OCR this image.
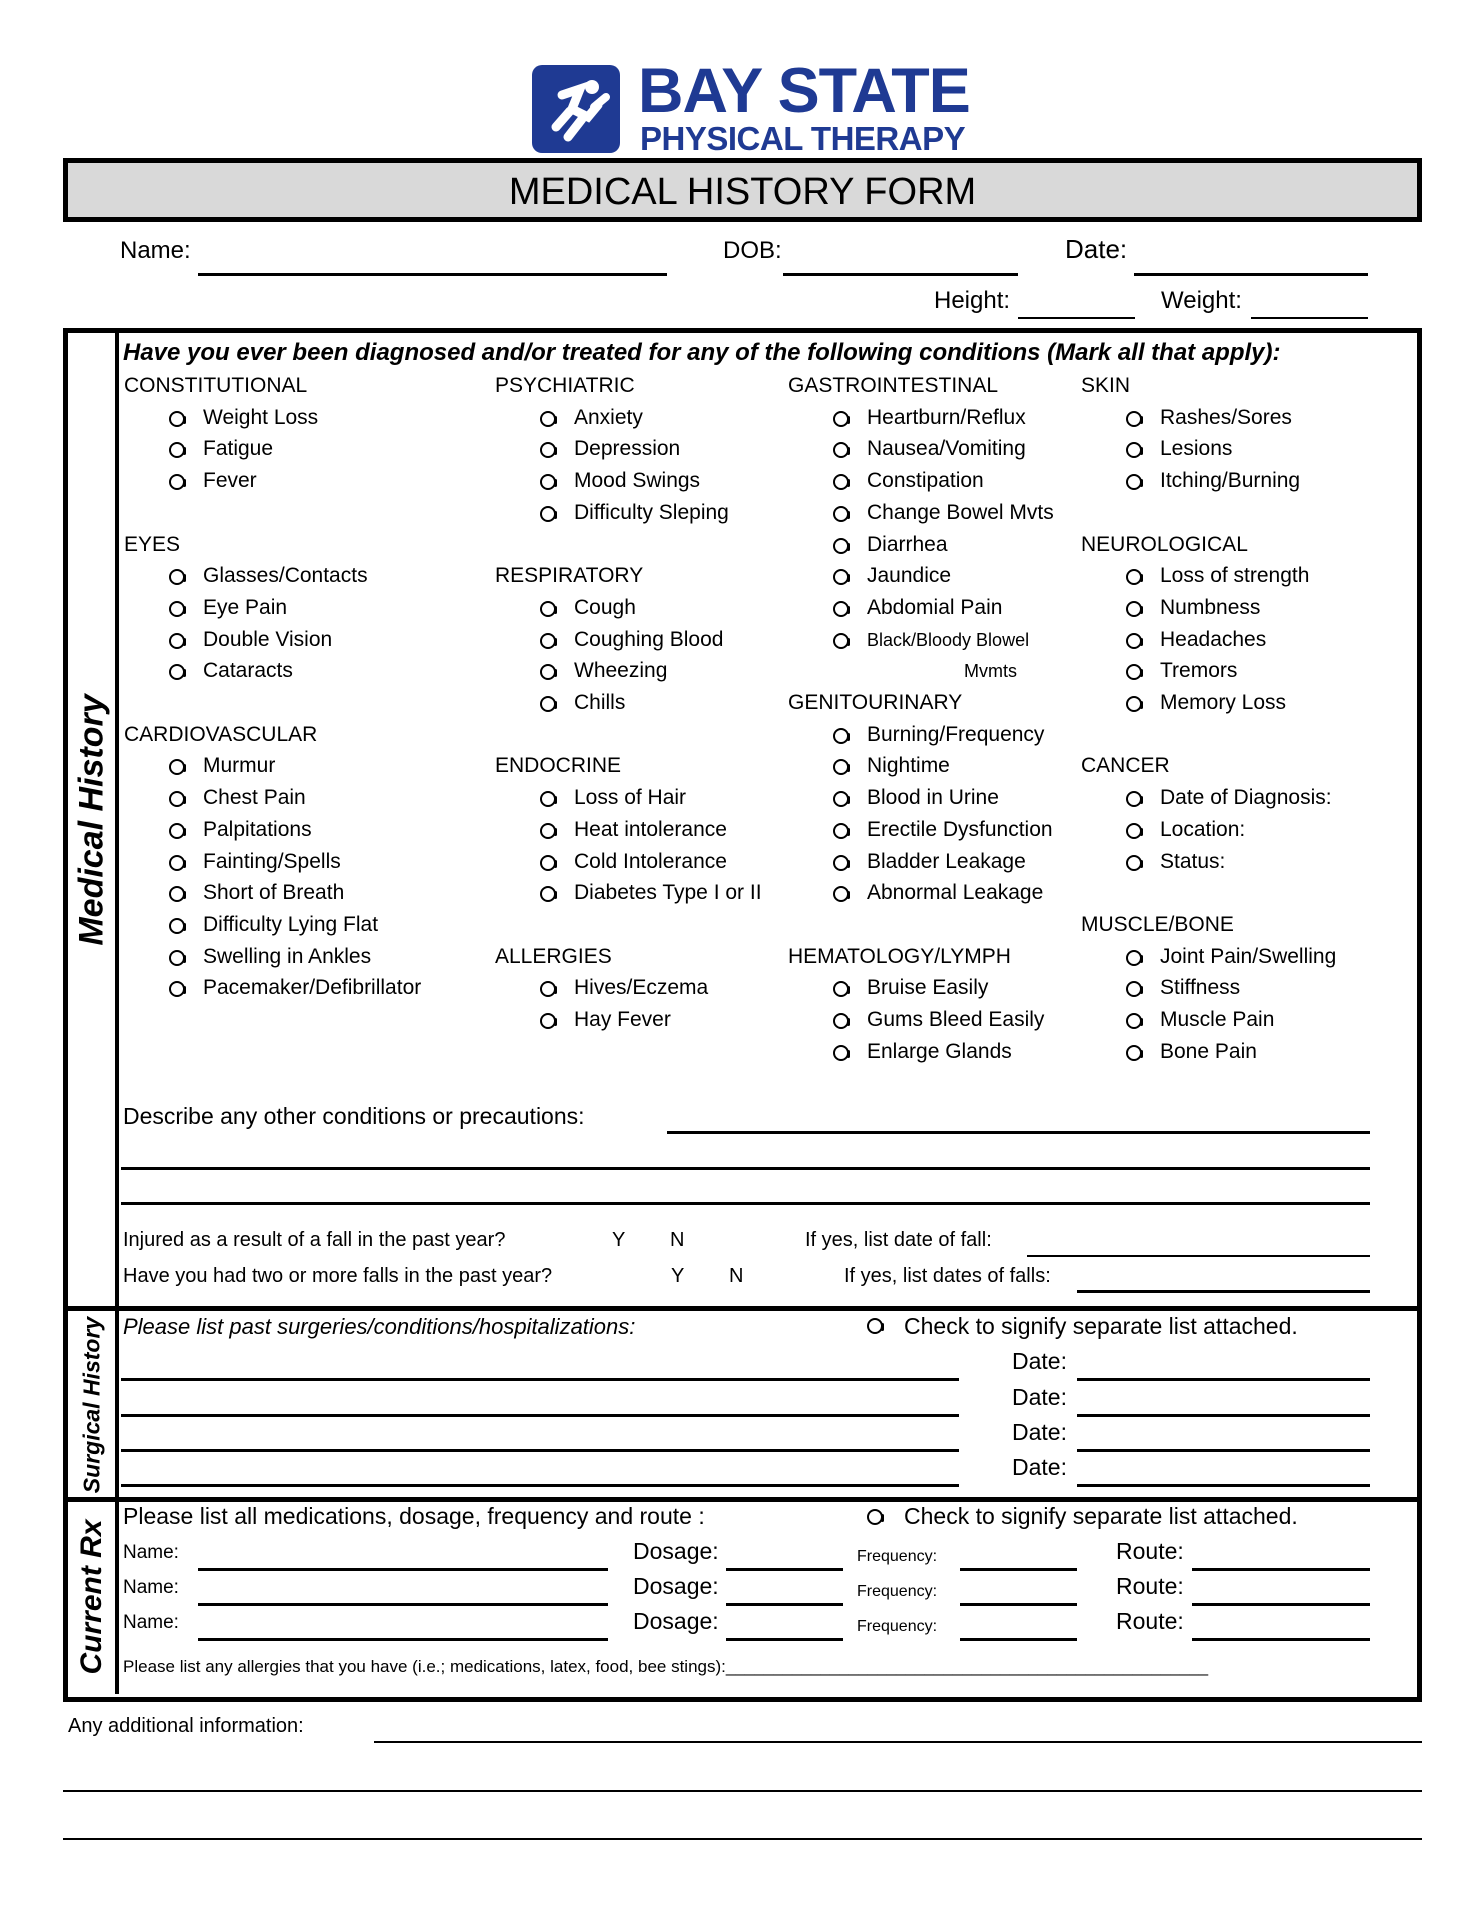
BAY STATE
PHYSICAL THERAPY
MEDICAL HISTORY FORM
Name:	DOB:	Date:
Height:	Weight:
Medical History
Surgical History
Current Rx
Have you ever been diagnosed and/or treated for any of the following conditions (Mark all that apply):
CONSTITUTIONAL
Weight Loss
Fatigue
Fever
EYES
Glasses/Contacts
Eye Pain
Double Vision
Cataracts
CARDIOVASCULAR
Murmur
Chest Pain
Palpitations
Fainting/Spells
Short of Breath
Difficulty Lying Flat
Swelling in Ankles
Pacemaker/Defibrillator
PSYCHIATRIC
Anxiety
Depression
Mood Swings
Difficulty Sleping
RESPIRATORY
Cough
Coughing Blood
Wheezing
Chills
ENDOCRINE
Loss of Hair
Heat intolerance
Cold Intolerance
Diabetes Type I or II
ALLERGIES
Hives/Eczema
Hay Fever
GASTROINTESTINAL
Heartburn/Reflux
Nausea/Vomiting
Constipation
Change Bowel Mvts
Diarrhea
Jaundice
Abdomial Pain
Black/Bloody Blowel
Mvmts
GENITOURINARY
Burning/Frequency
Nightime
Blood in Urine
Erectile Dysfunction
Bladder Leakage
Abnormal Leakage
HEMATOLOGY/LYMPH
Bruise Easily
Gums Bleed Easily
Enlarge Glands
SKIN
Rashes/Sores
Lesions
Itching/Burning
NEUROLOGICAL
Loss of strength
Numbness
Headaches
Tremors
Memory Loss
CANCER
Date of Diagnosis:
Location:
Status:
MUSCLE/BONE
Joint Pain/Swelling
Stiffness
Muscle Pain
Bone Pain
Describe any other conditions or precautions:
Injured as a result of a fall in the past year?	Y N	If yes, list date of fall:
Have you had two or more falls in the past year?	Y N	If yes, list dates of falls:
Please list past surgeries/conditions/hospitalizations:	Check to signify separate list attached.
Date:
Date:
Date:
Date:
Please list all medications, dosage, frequency and route :	Check to signify separate list attached.
Name:	Dosage:	Frequency:	Route:
Name:	Dosage:	Frequency:	Route:
Name:	Dosage:	Frequency:	Route:
Please list any allergies that you have (i.e.; medications, latex, food, bee stings):___________________________________________________
Any additional information:
